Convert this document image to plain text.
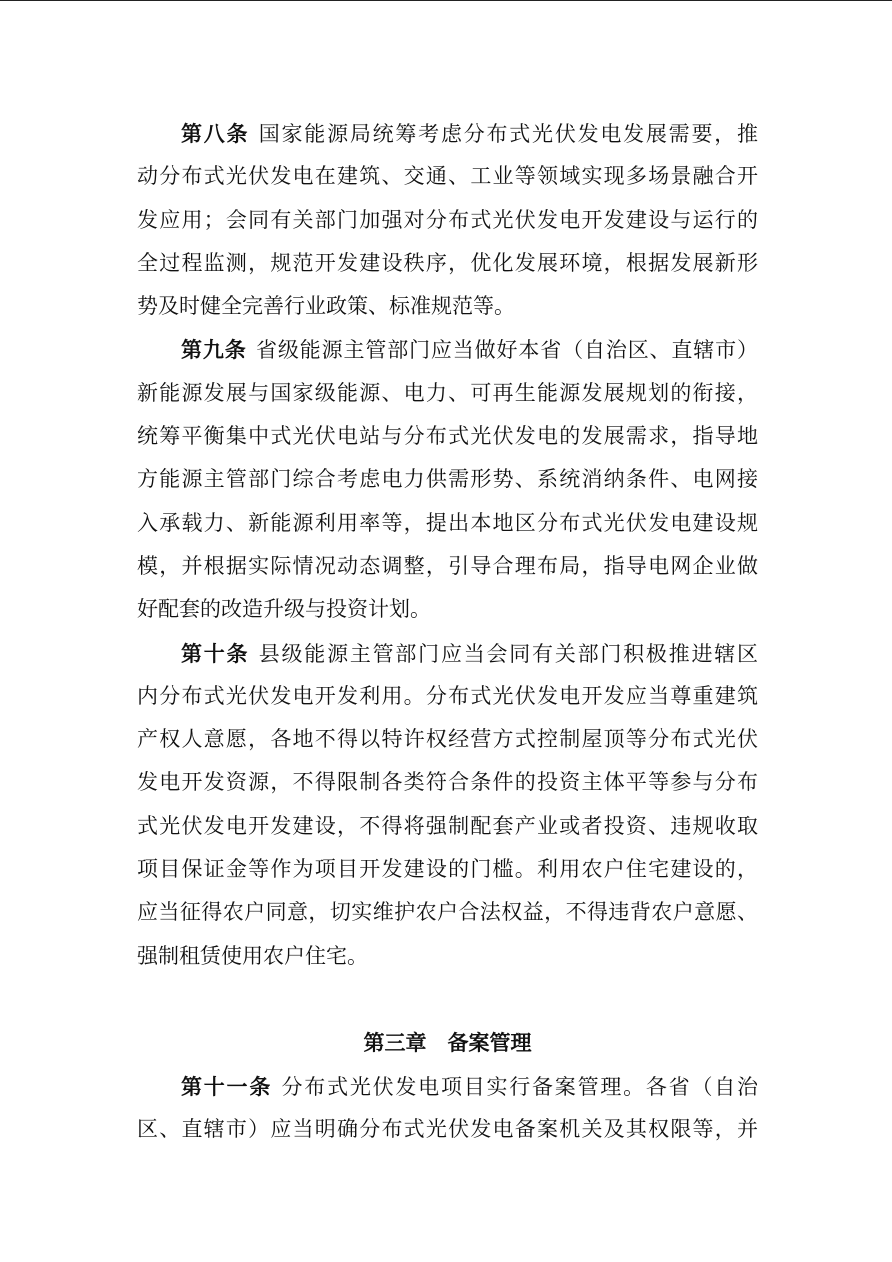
第八条 国家能源局统筹考虑分布式光伏发电发展需要，推
动分布式光伏发电在建筑、交通、工业等领域实现多场景融合开
发应用；会同有关部门加强对分布式光伏发电开发建设与运行的
全过程监测，规范开发建设秩序，优化发展环境，根据发展新形
势及时健全完善行业政策、标准规范等。
第九条 省级能源主管部门应当做好本省（自治区、直辖市）
新能源发展与国家级能源、电力、可再生能源发展规划的衔接，
统筹平衡集中式光伏电站与分布式光伏发电的发展需求，指导地
方能源主管部门综合考虑电力供需形势、系统消纳条件、电网接
入承载力、新能源利用率等，提出本地区分布式光伏发电建设规
模，并根据实际情况动态调整，引导合理布局，指导电网企业做
好配套的改造升级与投资计划。
第十条 县级能源主管部门应当会同有关部门积极推进辖区
内分布式光伏发电开发利用。分布式光伏发电开发应当尊重建筑
产权人意愿，各地不得以特许权经营方式控制屋顶等分布式光伏
发电开发资源，不得限制各类符合条件的投资主体平等参与分布
式光伏发电开发建设，不得将强制配套产业或者投资、违规收取
项目保证金等作为项目开发建设的门槛。利用农户住宅建设的，
应当征得农户同意，切实维护农户合法权益，不得违背农户意愿、
强制租赁使用农户住宅。
第三章　备案管理
第十一条 分布式光伏发电项目实行备案管理。各省（自治
区、直辖市）应当明确分布式光伏发电备案机关及其权限等，并
